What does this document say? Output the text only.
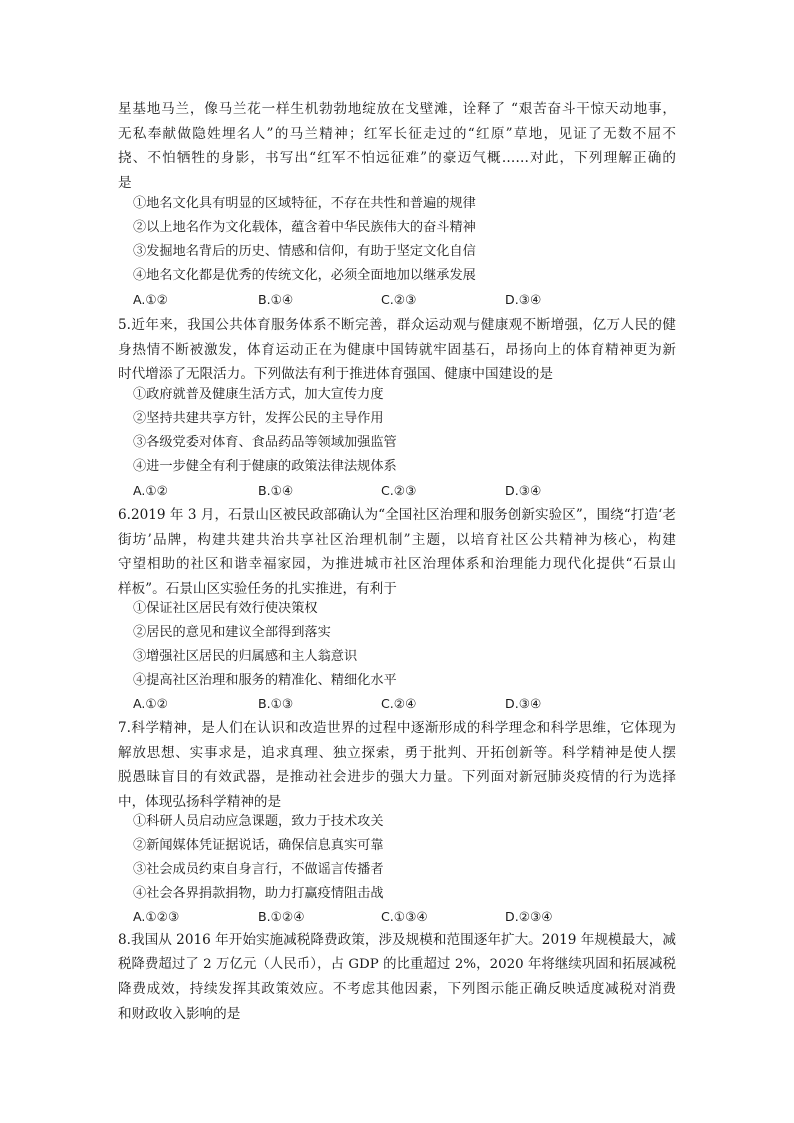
星基地马兰，像马兰花一样生机勃勃地绽放在戈壁滩，诠释了 “艰苦奋斗干惊天动地事，
无私奉献做隐姓埋名人”的马兰精神；红军长征走过的“红原”草地，见证了无数不屈不
挠、不怕牺牲的身影，书写出“红军不怕远征难”的豪迈气概……对此，下列理解正确的
是
①地名文化具有明显的区域特征，不存在共性和普遍的规律
②以上地名作为文化载体，蕴含着中华民族伟大的奋斗精神
③发掘地名背后的历史、情感和信仰，有助于坚定文化自信
④地名文化都是优秀的传统文化，必须全面地加以继承发展
A.①②	B.①④	C.②③	D.③④
5.近年来，我国公共体育服务体系不断完善，群众运动观与健康观不断增强，亿万人民的健
身热情不断被激发，体育运动正在为健康中国铸就牢固基石，昂扬向上的体育精神更为新
时代增添了无限活力。下列做法有利于推进体育强国、健康中国建设的是
①政府就普及健康生活方式，加大宣传力度
②坚持共建共享方针，发挥公民的主导作用
③各级党委对体育、食品药品等领域加强监管
④进一步健全有利于健康的政策法律法规体系
A.①②	B.①④	C.②③	D.③④
6.2019 年 3 月，石景山区被民政部确认为“全国社区治理和服务创新实验区”，围绕“打造‘老
街坊’品牌，构建共建共治共享社区治理机制”主题，以培育社区公共精神为核心，构建
守望相助的社区和谐幸福家园，为推进城市社区治理体系和治理能力现代化提供“石景山
样板”。石景山区实验任务的扎实推进，有利于
①保证社区居民有效行使决策权
②居民的意见和建议全部得到落实
③增强社区居民的归属感和主人翁意识
④提高社区治理和服务的精准化、精细化水平
A.①②	B.①③	C.②④	D.③④
7.科学精神，是人们在认识和改造世界的过程中逐渐形成的科学理念和科学思维，它体现为
解放思想、实事求是，追求真理、独立探索，勇于批判、开拓创新等。科学精神是使人摆
脱愚昧盲目的有效武器，是推动社会进步的强大力量。下列面对新冠肺炎疫情的行为选择
中，体现弘扬科学精神的是
①科研人员启动应急课题，致力于技术攻关
②新闻媒体凭证据说话，确保信息真实可靠
③社会成员约束自身言行，不做谣言传播者
④社会各界捐款捐物，助力打赢疫情阻击战
A.①②③	B.①②④	C.①③④	D.②③④
8.我国从 2016 年开始实施减税降费政策，涉及规模和范围逐年扩大。2019 年规模最大，减
税降费超过了 2 万亿元（人民币），占 GDP 的比重超过 2%，2020 年将继续巩固和拓展减税
降费成效，持续发挥其政策效应。不考虑其他因素，下列图示能正确反映适度减税对消费
和财政收入影响的是
